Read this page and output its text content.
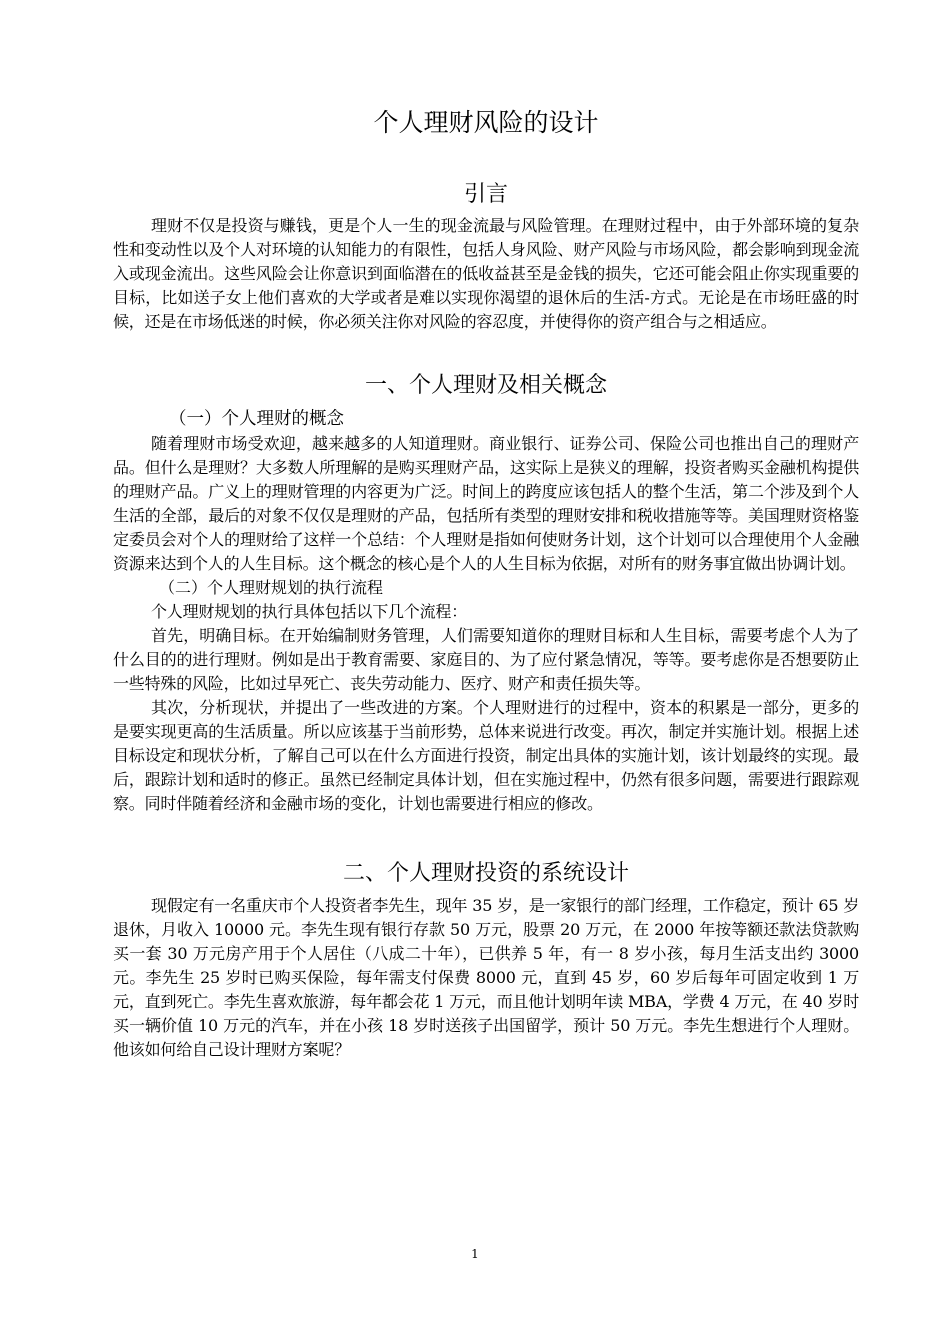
个人理财风险的设计
引言

理财不仅是投资与赚钱，更是个人一生的现金流最与风险管理。在理财过程中，由于外部环境的复杂性和变动性以及个人对环境的认知能力的有限性，包括人身风险、财产风险与市场风险，都会影响到现金流入或现金流出。这些风险会让你意识到面临潜在的低收益甚至是金钱的损失，它还可能会阻止你实现重要的目标，比如送子女上他们喜欢的大学或者是难以实现你渴望的退休后的生活-方式。无论是在市场旺盛的时候，还是在市场低迷的时候，你必须关注你对风险的容忍度，并使得你的资产组合与之相适应。

一、个人理财及相关概念
（一）个人理财的概念

随着理财市场受欢迎，越来越多的人知道理财。商业银行、证券公司、保险公司也推出自己的理财产品。但什么是理财？大多数人所理解的是购买理财产品，这实际上是狭义的理解，投资者购买金融机构提供的理财产品。广义上的理财管理的内容更为广泛。时间上的跨度应该包括人的整个生活，第二个涉及到个人生活的全部，最后的对象不仅仅是理财的产品，包括所有类型的理财安排和税收措施等等。美国理财资格鉴定委员会对个人的理财给了这样一个总结：个人理财是指如何使财务计划，这个计划可以合理使用个人金融资源来达到个人的人生目标。这个概念的核心是个人的人生目标为依据，对所有的财务事宜做出协调计划。

（二）个人理财规划的执行流程

个人理财规划的执行具体包括以下几个流程：

首先，明确目标。在开始编制财务管理，人们需要知道你的理财目标和人生目标，需要考虑个人为了什么目的的进行理财。例如是出于教育需要、家庭目的、为了应付紧急情况，等等。要考虑你是否想要防止一些特殊的风险，比如过早死亡、丧失劳动能力、医疗、财产和责任损失等。

其次，分析现状，并提出了一些改进的方案。个人理财进行的过程中，资本的积累是一部分，更多的是要实现更高的生活质量。所以应该基于当前形势，总体来说进行改变。再次，制定并实施计划。根据上述目标设定和现状分析，了解自己可以在什么方面进行投资，制定出具体的实施计划，该计划最终的实现。最后，跟踪计划和适时的修正。虽然已经制定具体计划，但在实施过程中，仍然有很多问题，需要进行跟踪观察。同时伴随着经济和金融市场的变化，计划也需要进行相应的修改。

二、个人理财投资的系统设计

现假定有一名重庆市个人投资者李先生，现年 35 岁，是一家银行的部门经理，工作稳定，预计 65 岁退休，月收入 10000 元。李先生现有银行存款 50 万元，股票 20 万元，在 2000 年按等额还款法贷款购买一套 30 万元房产用于个人居住（八成二十年），已供养 5 年，有一 8 岁小孩，每月生活支出约 3000 元。李先生 25 岁时已购买保险，每年需支付保费 8000 元，直到 45 岁，60 岁后每年可固定收到 1 万元，直到死亡。李先生喜欢旅游，每年都会花 1 万元，而且他计划明年读 MBA，学费 4 万元，在 40 岁时买一辆价值 10 万元的汽车，并在小孩 18 岁时送孩子出国留学，预计 50 万元。李先生想进行个人理财。他该如何给自己设计理财方案呢？

1
